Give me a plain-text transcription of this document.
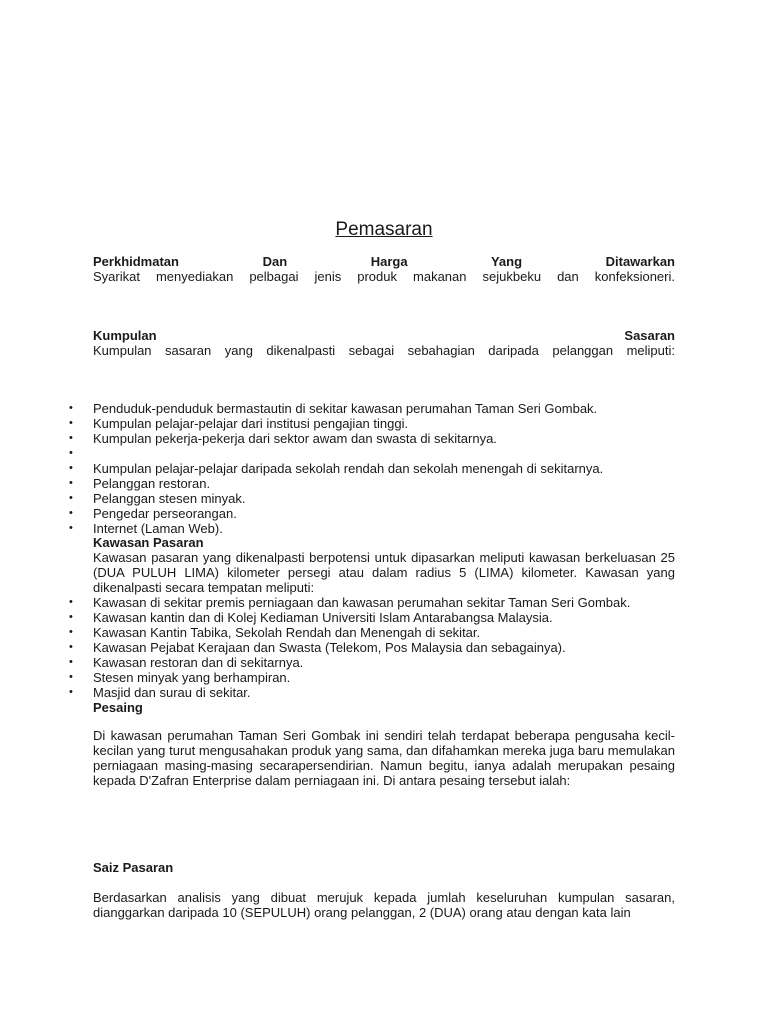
Pemasaran
Perkhidmatan Dan Harga Yang Ditawarkan
Syarikat menyediakan pelbagai jenis produk makanan sejukbeku dan konfeksioneri.
Kumpulan	Sasaran
Kumpulan sasaran yang dikenalpasti sebagai sebahagian daripada pelanggan meliputi:
• Penduduk-penduduk bermastautin di sekitar kawasan perumahan Taman Seri Gombak.
• Kumpulan pelajar-pelajar dari institusi pengajian tinggi.
• Kumpulan pekerja-pekerja dari sektor awam dan swasta di sekitarnya.
•
• Kumpulan pelajar-pelajar daripada sekolah rendah dan sekolah menengah di sekitarnya.
• Pelanggan restoran.
• Pelanggan stesen minyak.
• Pengedar perseorangan.
• Internet (Laman Web).
Kawasan Pasaran
Kawasan pasaran yang dikenalpasti berpotensi untuk dipasarkan meliputi kawasan berkeluasan 25 (DUA PULUH LIMA) kilometer persegi atau dalam radius 5 (LIMA) kilometer. Kawasan yang dikenalpasti secara tempatan meliputi:
• Kawasan di sekitar premis perniagaan dan kawasan perumahan sekitar Taman Seri Gombak.
• Kawasan kantin dan di Kolej Kediaman Universiti Islam Antarabangsa Malaysia.
• Kawasan Kantin Tabika, Sekolah Rendah dan Menengah di sekitar.
• Kawasan Pejabat Kerajaan dan Swasta (Telekom, Pos Malaysia dan sebagainya).
• Kawasan restoran dan di sekitarnya.
• Stesen minyak yang berhampiran.
• Masjid dan surau di sekitar.
Pesaing
Di kawasan perumahan Taman Seri Gombak ini sendiri telah terdapat beberapa pengusaha kecil-kecilan yang turut mengusahakan produk yang sama, dan difahamkan mereka juga baru memulakan perniagaan masing-masing secarapersendirian. Namun begitu, ianya adalah merupakan pesaing kepada D'Zafran Enterprise dalam perniagaan ini. Di antara pesaing tersebut ialah:
Saiz Pasaran
Berdasarkan analisis yang dibuat merujuk kepada jumlah keseluruhan kumpulan sasaran, dianggarkan daripada 10 (SEPULUH) orang pelanggan, 2 (DUA) orang atau dengan kata lain
